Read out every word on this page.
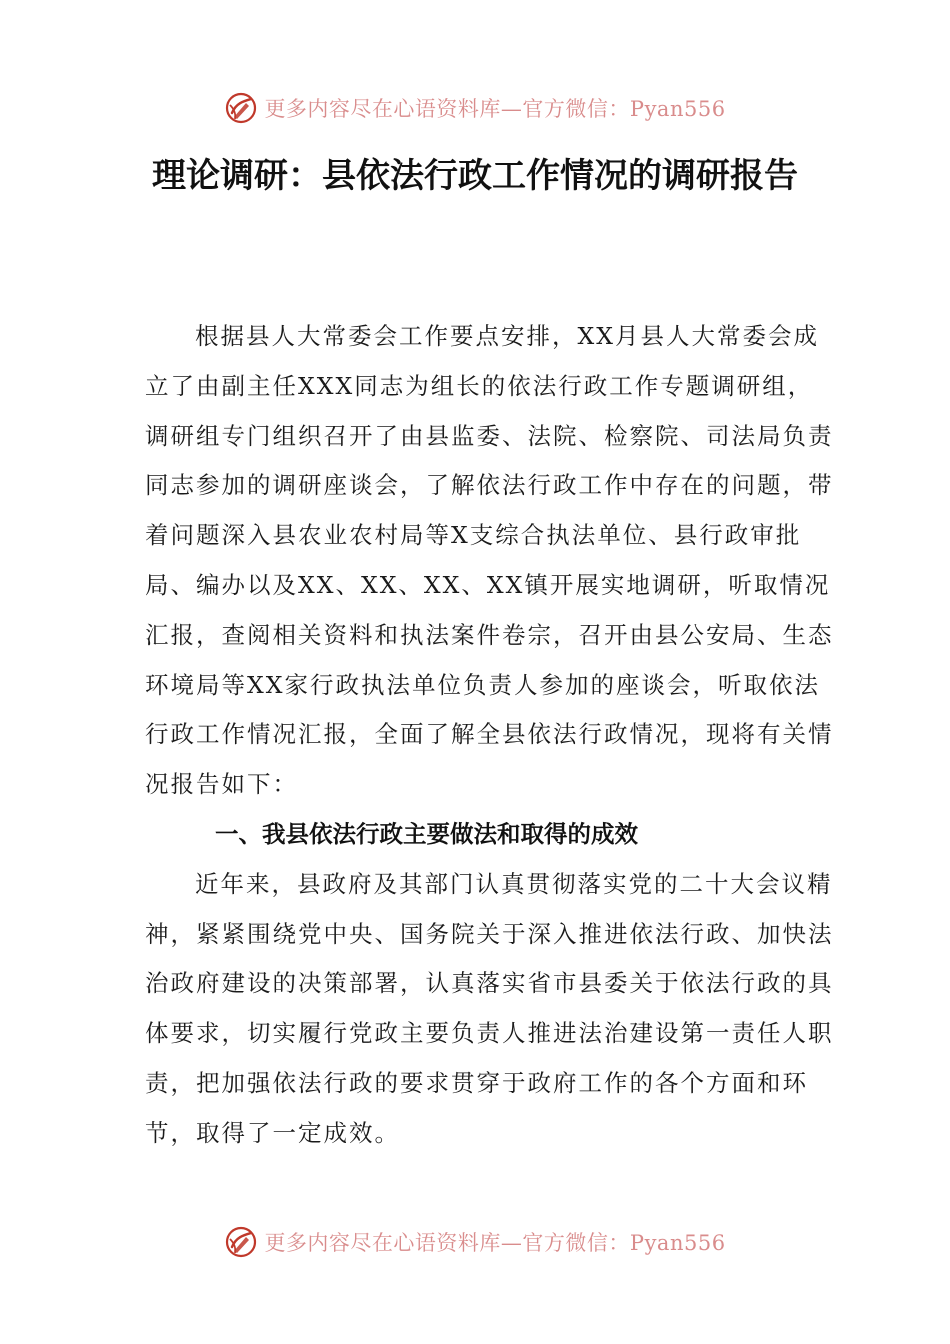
更多内容尽在心语资料库—官方微信：Pyan556
理论调研：县依法行政工作情况的调研报告

根据县人大常委会工作要点安排，XX月县人大常委会成立了由副主任XXX同志为组长的依法行政工作专题调研组，调研组专门组织召开了由县监委、法院、检察院、司法局负责同志参加的调研座谈会，了解依法行政工作中存在的问题，带着问题深入县农业农村局等X支综合执法单位、县行政审批局、编办以及XX、XX、XX、XX镇开展实地调研，听取情况汇报，查阅相关资料和执法案件卷宗，召开由县公安局、生态环境局等XX家行政执法单位负责人参加的座谈会，听取依法行政工作情况汇报，全面了解全县依法行政情况，现将有关情况报告如下：

一、我县依法行政主要做法和取得的成效

近年来，县政府及其部门认真贯彻落实党的二十大会议精神，紧紧围绕党中央、国务院关于深入推进依法行政、加快法治政府建设的决策部署，认真落实省市县委关于依法行政的具体要求，切实履行党政主要负责人推进法治建设第一责任人职责，把加强依法行政的要求贯穿于政府工作的各个方面和环节，取得了一定成效。

更多内容尽在心语资料库—官方微信：Pyan556
